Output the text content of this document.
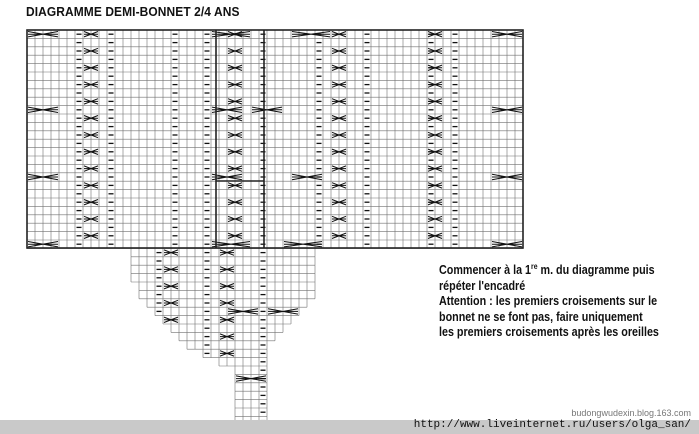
DIAGRAMME DEMI-BONNET 2/4 ANS
Commencer à la 1re m. du diagramme puis
répéter l'encadré
Attention : les premiers croisements sur le
bonnet ne se font pas, faire uniquement
les premiers croisements après les oreilles
budongwudexin.blog.163.com
http://www.liveinternet.ru/users/olga_san/
